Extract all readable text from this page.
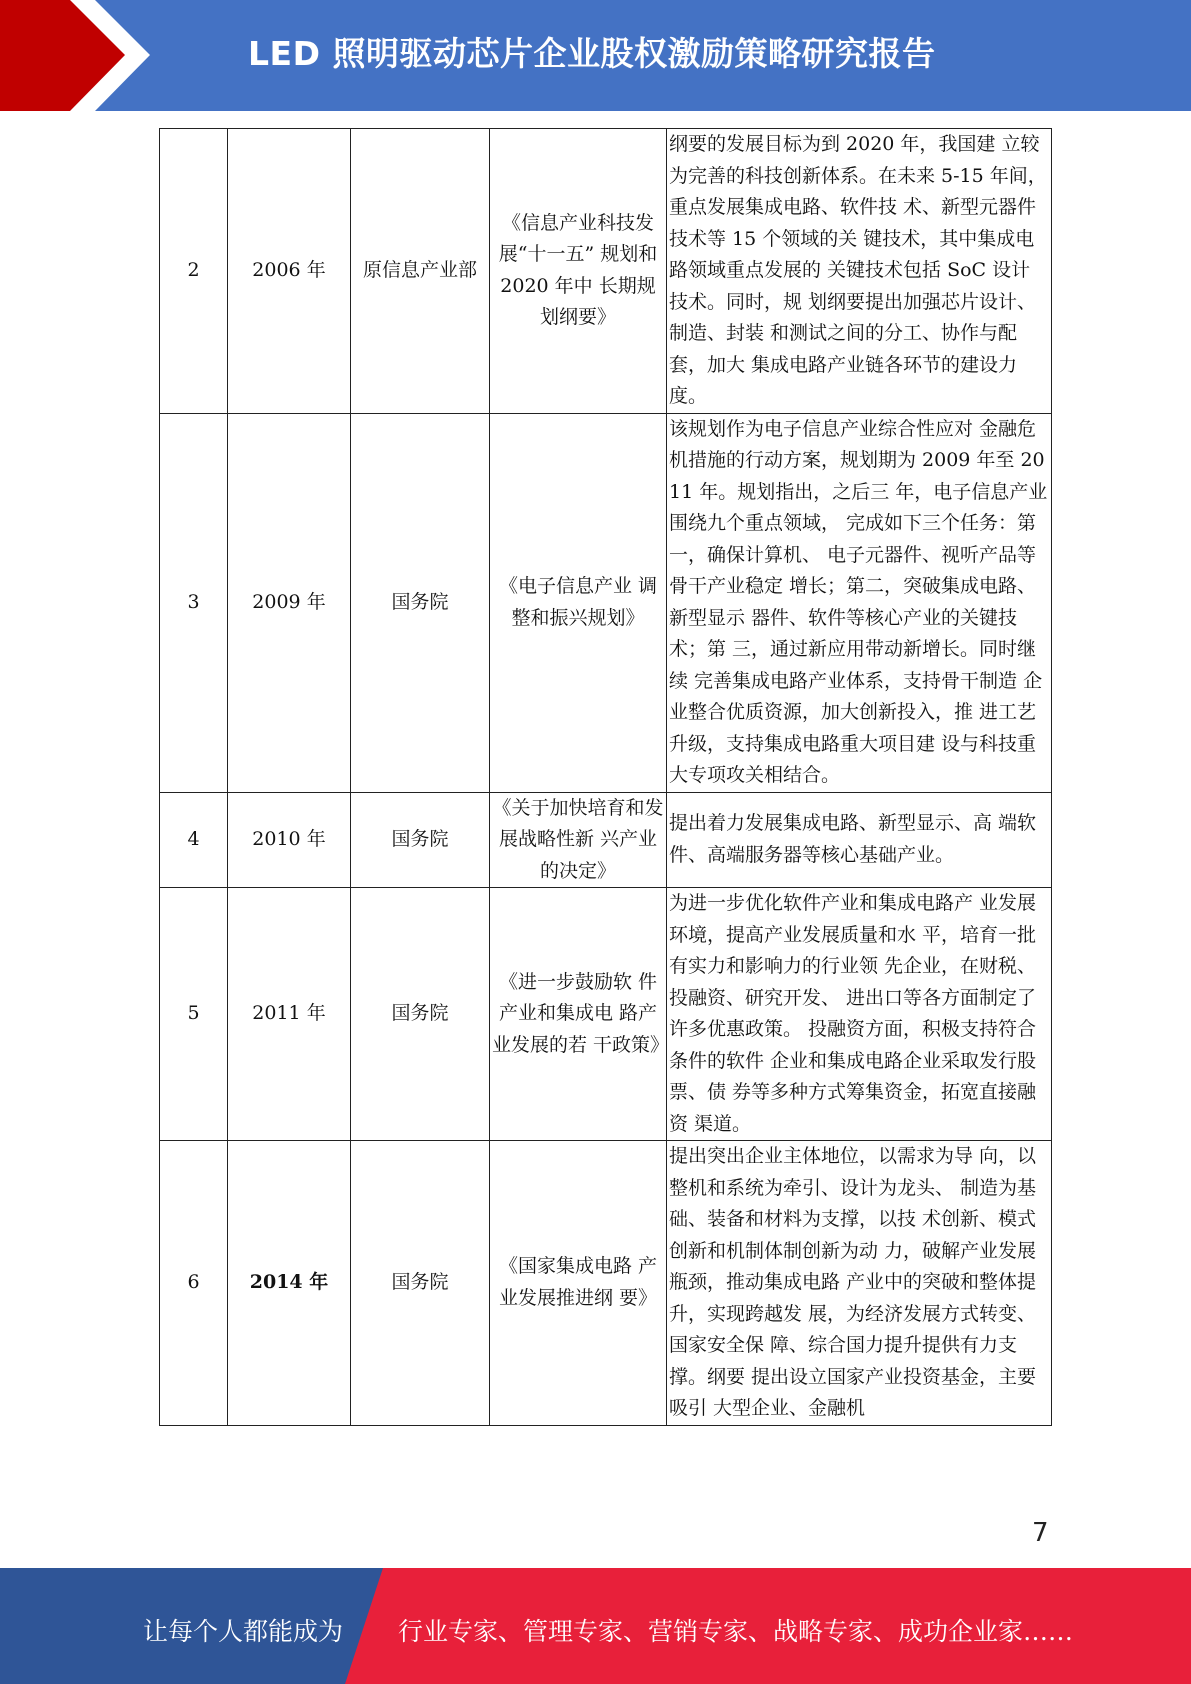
LED 照明驱动芯片企业股权激励策略研究报告
2	2006 年	原信息产业部	《信息产业科技发展“十一五” 规划和 2020 年中 长期规划纲要》	纲要的发展目标为到 2020 年，我国建 立较为完善的科技创新体系。在未来 5-15 年间，重点发展集成电路、软件技 术、新型元器件技术等 15 个领域的关 键技术，其中集成电路领域重点发展的 关键技术包括 SoC 设计技术。同时，规 划纲要提出加强芯片设计、制造、封装 和测试之间的分工、协作与配套，加大 集成电路产业链各环节的建设力度。
3	2009 年	国务院	《电子信息产业 调整和振兴规划》	该规划作为电子信息产业综合性应对 金融危机措施的行动方案，规划期为 2009 年至 2011 年。规划指出，之后三 年，电子信息产业围绕九个重点领域， 完成如下三个任务：第一，确保计算机、 电子元器件、视听产品等骨干产业稳定 增长；第二，突破集成电路、新型显示 器件、软件等核心产业的关键技术；第 三，通过新应用带动新增长。同时继续 完善集成电路产业体系，支持骨干制造 企业整合优质资源，加大创新投入，推 进工艺升级，支持集成电路重大项目建 设与科技重大专项攻关相结合。
4	2010 年	国务院	《关于加快培育和发展战略性新 兴产业的决定》	提出着力发展集成电路、新型显示、高 端软件、高端服务器等核心基础产业。
5	2011 年	国务院	《进一步鼓励软 件产业和集成电 路产业发展的若 干政策》	为进一步优化软件产业和集成电路产 业发展环境，提高产业发展质量和水 平，培育一批有实力和影响力的行业领 先企业，在财税、投融资、研究开发、 进出口等各方面制定了许多优惠政策。 投融资方面，积极支持符合条件的软件 企业和集成电路企业采取发行股票、债 券等多种方式筹集资金，拓宽直接融资 渠道。
6	2014 年	国务院	《国家集成电路 产业发展推进纲 要》	提出突出企业主体地位，以需求为导 向，以整机和系统为牵引、设计为龙头、 制造为基础、装备和材料为支撑，以技 术创新、模式创新和机制体制创新为动 力，破解产业发展瓶颈，推动集成电路 产业中的突破和整体提升，实现跨越发 展，为经济发展方式转变、国家安全保 障、综合国力提升提供有力支撑。纲要 提出设立国家产业投资基金，主要吸引 大型企业、金融机
7
让每个人都能成为 行业专家、管理专家、营销专家、战略专家、成功企业家……
